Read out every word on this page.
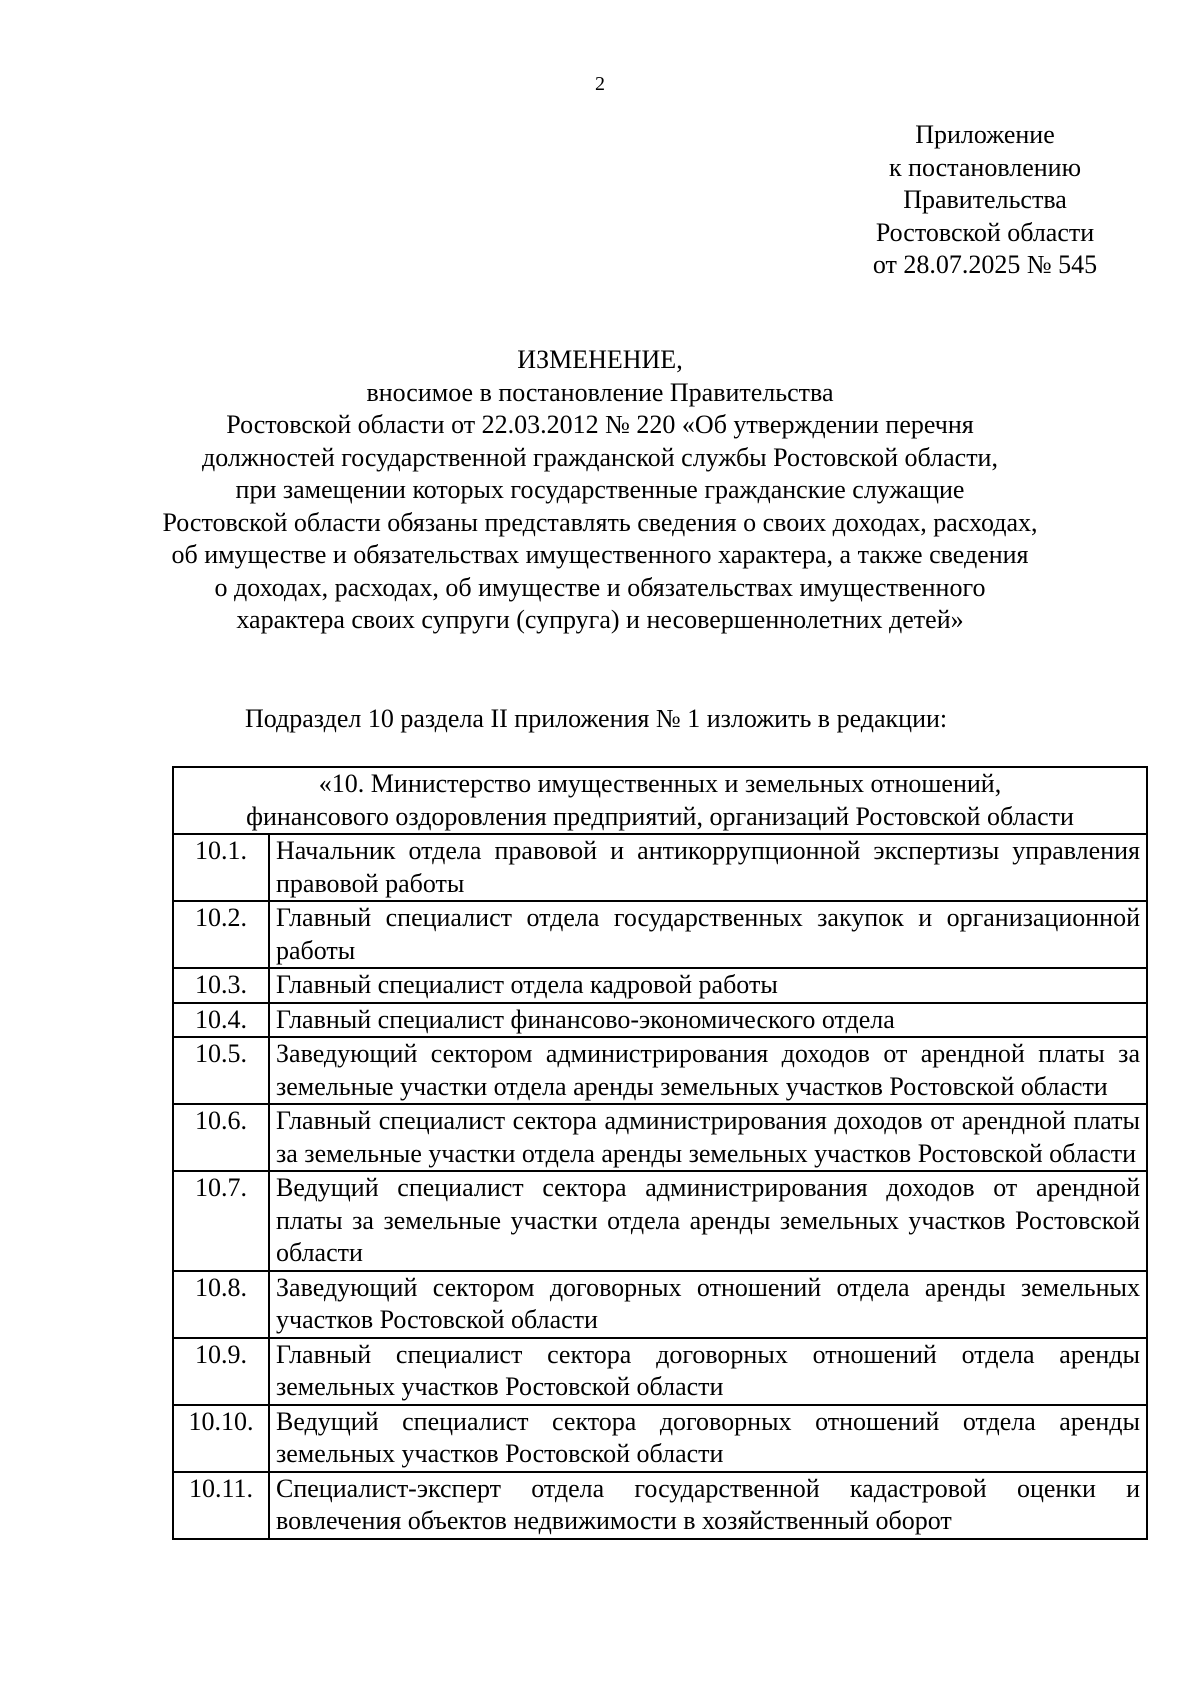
2
Приложение
к постановлению
Правительства
Ростовской области
от 28.07.2025 № 545
ИЗМЕНЕНИЕ,
вносимое в постановление Правительства
Ростовской области от 22.03.2012 № 220 «Об утверждении перечня
должностей государственной гражданской службы Ростовской области,
при замещении которых государственные гражданские служащие
Ростовской области обязаны представлять сведения о своих доходах, расходах,
об имуществе и обязательствах имущественного характера, а также сведения
о доходах, расходах, об имуществе и обязательствах имущественного
характера своих супруги (супруга) и несовершеннолетних детей»
Подраздел 10 раздела II приложения № 1 изложить в редакции:
«10. Министерство имущественных и земельных отношений,
финансового оздоровления предприятий, организаций Ростовской области	

10.1.	Начальник отдела правовой и антикоррупционной экспертизы управления правовой работы
10.2.	Главный специалист отдела государственных закупок и организационной работы
10.3.	Главный специалист отдела кадровой работы
10.4.	Главный специалист финансово-экономического отдела
10.5.	Заведующий сектором администрирования доходов от арендной платы за земельные участки отдела аренды земельных участков Ростовской области
10.6.	Главный специалист сектора администрирования доходов от арендной платы за земельные участки отдела аренды земельных участков Ростовской области
10.7.	Ведущий специалист сектора администрирования доходов от арендной платы за земельные участки отдела аренды земельных участков Ростовской области
10.8.	Заведующий сектором договорных отношений отдела аренды земельных участков Ростовской области
10.9.	Главный специалист сектора договорных отношений отдела аренды земельных участков Ростовской области
10.10.	Ведущий специалист сектора договорных отношений отдела аренды земельных участков Ростовской области
10.11.	Специалист-эксперт отдела государственной кадастровой оценки и вовлечения объектов недвижимости в хозяйственный оборот
